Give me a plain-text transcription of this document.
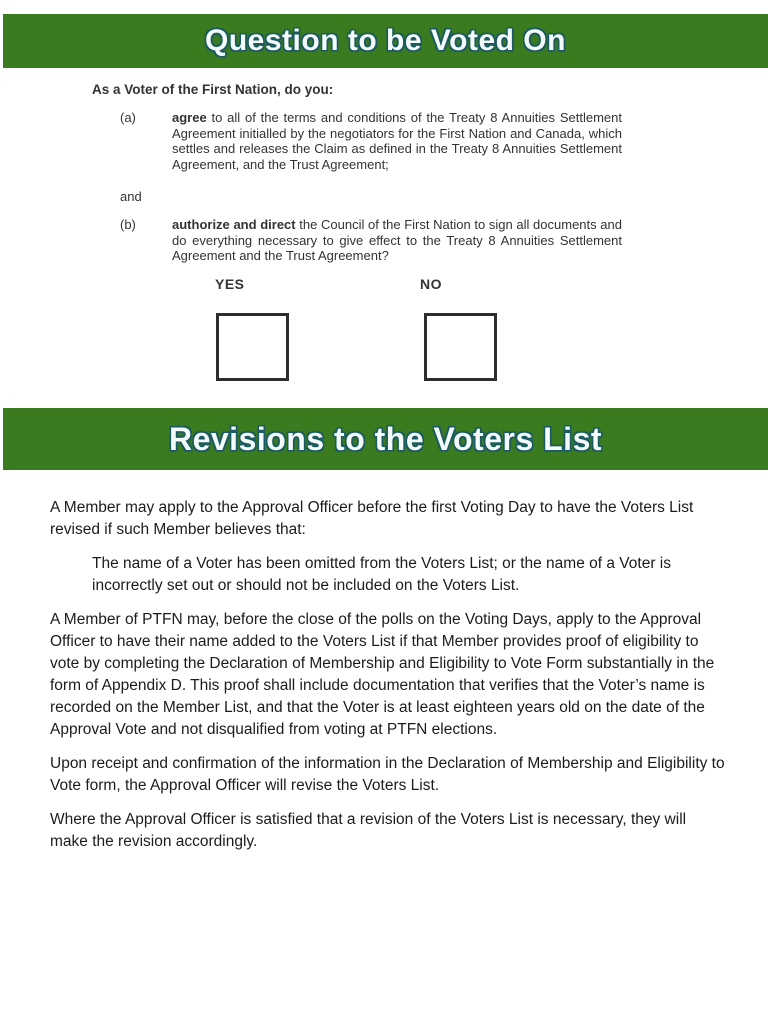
Question to be Voted On
As a Voter of the First Nation, do you:
(a)	agree to all of the terms and conditions of the Treaty 8 Annuities Settlement Agreement initialled by the negotiators for the First Nation and Canada, which settles and releases the Claim as defined in the Treaty 8 Annuities Settlement Agreement, and the Trust Agreement;
and
(b)	authorize and direct the Council of the First Nation to sign all documents and do everything necessary to give effect to the Treaty 8 Annuities Settlement Agreement and the Trust Agreement?
YES	NO
Revisions to the Voters List

A Member may apply to the Approval Officer before the first Voting Day to have the Voters List revised if such Member believes that:

The name of a Voter has been omitted from the Voters List; or the name of a Voter is incorrectly set out or should not be included on the Voters List.

A Member of PTFN may, before the close of the polls on the Voting Days, apply to the Approval Officer to have their name added to the Voters List if that Member provides proof of eligibility to vote by completing the Declaration of Membership and Eligibility to Vote Form substantially in the form of Appendix D. This proof shall include documentation that verifies that the Voter’s name is recorded on the Member List, and that the Voter is at least eighteen years old on the date of the Approval Vote and not disqualified from voting at PTFN elections.

Upon receipt and confirmation of the information in the Declaration of Membership and Eligibility to Vote form, the Approval Officer will revise the Voters List.

Where the Approval Officer is satisfied that a revision of the Voters List is necessary, they will make the revision accordingly.
